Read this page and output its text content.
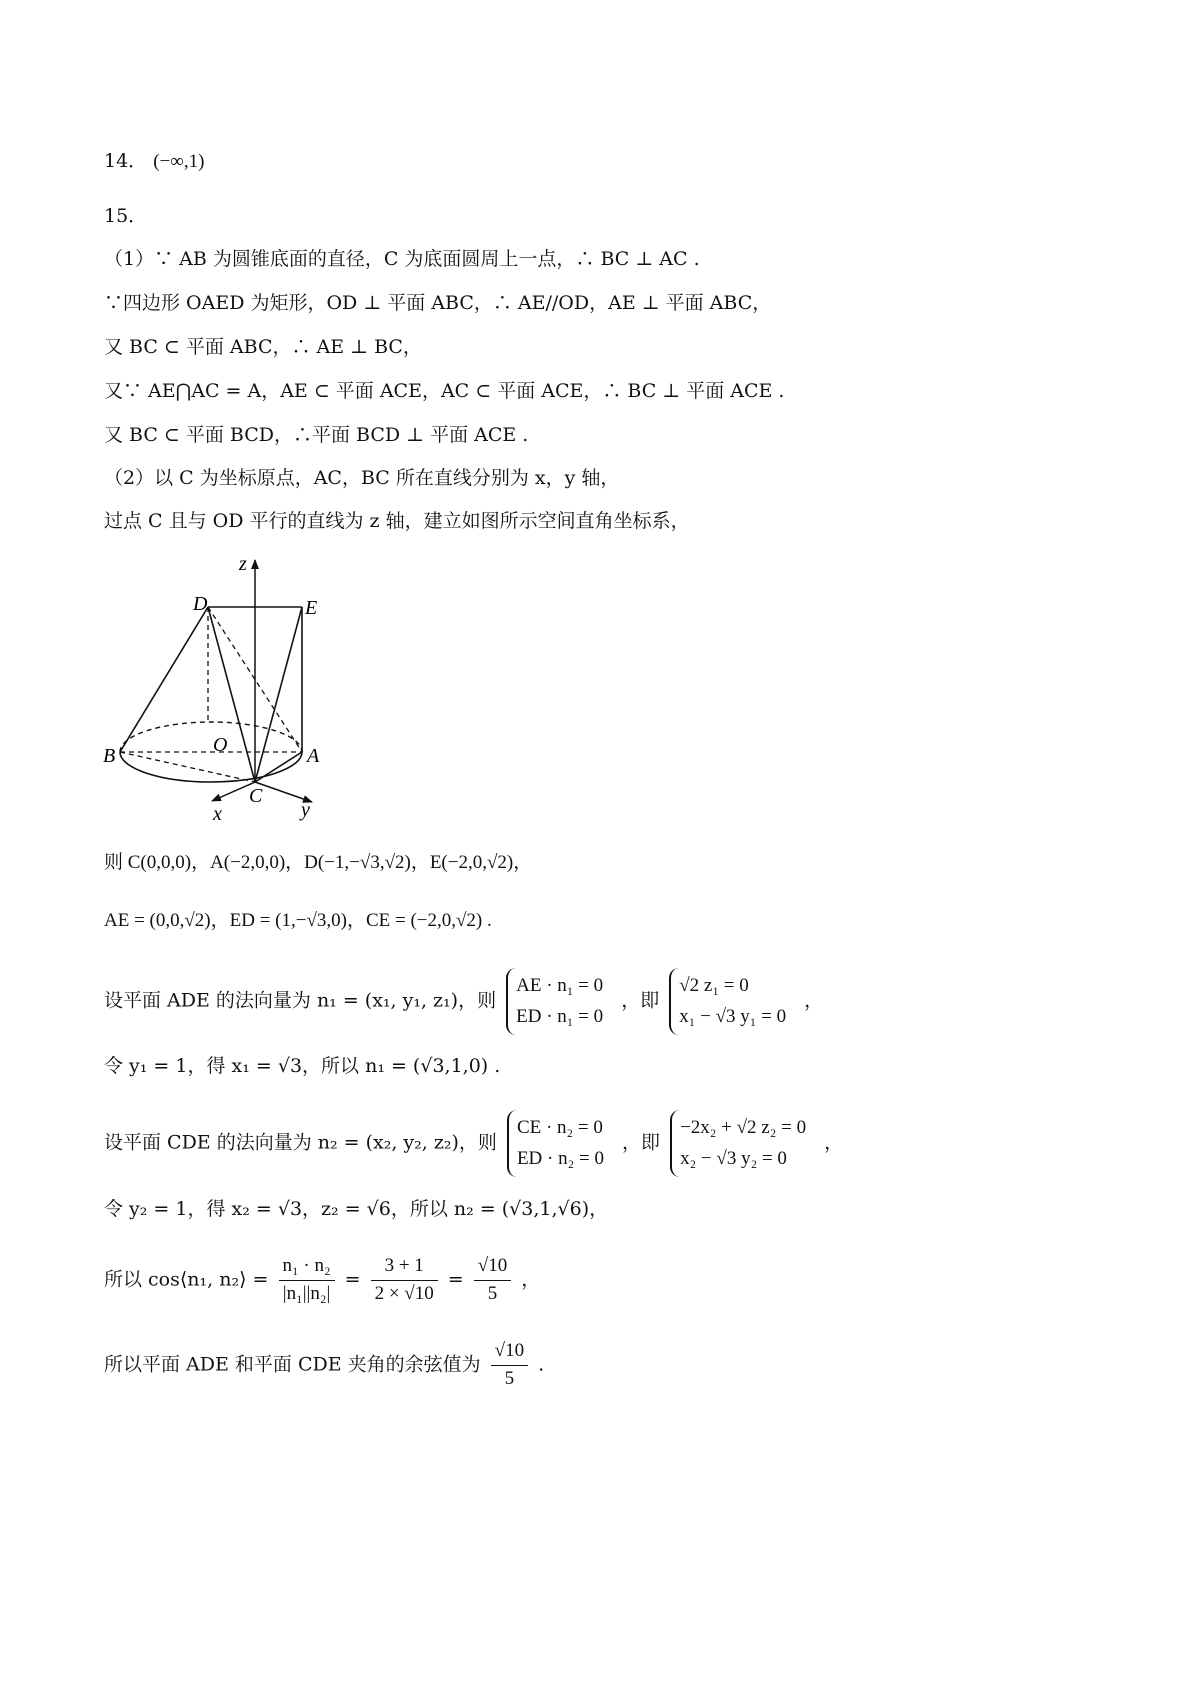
14． (−∞,1)
15．
（1）∵ AB 为圆锥底面的直径，C 为底面圆周上一点，∴ BC ⊥ AC .
∵四边形 OAED 为矩形，OD ⊥ 平面 ABC，∴ AE//OD，AE ⊥ 平面 ABC，
又 BC ⊂ 平面 ABC，∴ AE ⊥ BC，
又∵ AE⋂AC = A，AE ⊂ 平面 ACE，AC ⊂ 平面 ACE，∴ BC ⊥ 平面 ACE .
又 BC ⊂ 平面 BCD，∴平面 BCD ⊥ 平面 ACE .
（2）以 C 为坐标原点，AC，BC 所在直线分别为 x，y 轴，
过点 C 且与 OD 平行的直线为 z 轴，建立如图所示空间直角坐标系，
z
D	E
O
B	A
C
x	y
则 C(0,0,0)，A(−2,0,0)，D(−1,−√3,√2)，E(−2,0,√2)，
AE = (0,0,√2)，ED = (1,−√3,0)，CE = (−2,0,√2) .
设平面 ADE 的法向量为 n₁ = (x₁, y₁, z₁)，则 AE · n₁ = 0
ED · n₁ = 0 ，即 √2 z₁ = 0
x₁ − √3 y₁ = 0 ，
令 y₁ = 1，得 x₁ = √3，所以 n₁ = (√3,1,0) .
设平面 CDE 的法向量为 n₂ = (x₂, y₂, z₂)，则 CE · n₂ = 0
ED · n₂ = 0 ，即 −2x₂ + √2 z₂ = 0
x₂ − √3 y₂ = 0 ，
令 y₂ = 1，得 x₂ = √3，z₂ = √6，所以 n₂ = (√3,1,√6)，
所以 cos⟨n₁, n₂⟩ = $\frac{\text{n₁ · n₂}}{\text{|n₁||n₂|}} = \frac{3 + 1}{2 \times √10} = \frac{√10}{5}$ ，
所以平面 ADE 和平面 CDE 夹角的余弦值为 $\frac{√10}{5}$ .
